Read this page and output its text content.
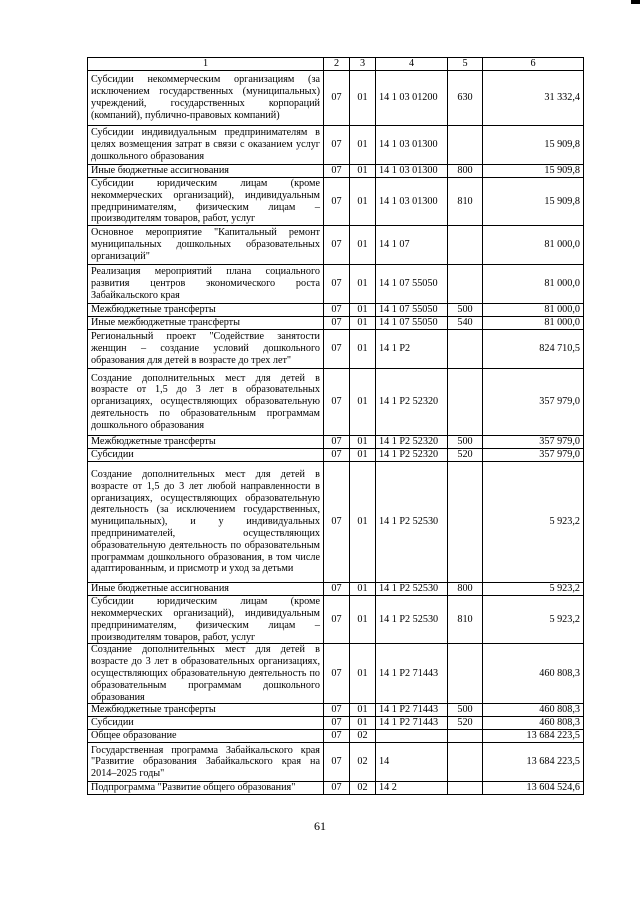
1	2	3	4	5	6
Субсидии некоммерческим организациям (за исключением государственных (муниципальных) учреждений, государственных корпораций (компаний), публично-правовых компаний)	07	01	14 1 03 01200	630	31 332,4
Субсидии индивидуальным предпринимателям в целях возмещения затрат в связи с оказанием услуг дошкольного образования	07	01	14 1 03 01300		15 909,8
Иные бюджетные ассигнования	07	01	14 1 03 01300	800	15 909,8
Субсидии юридическим лицам (кроме некоммерческих организаций), индивидуальным предпринимателям, физическим лицам – производителям товаров, работ, услуг	07	01	14 1 03 01300	810	15 909,8
Основное мероприятие "Капитальный ремонт муниципальных дошкольных образовательных организаций"	07	01	14 1 07		81 000,0
Реализация мероприятий плана социального развития центров экономического роста Забайкальского края	07	01	14 1 07 55050		81 000,0
Межбюджетные трансферты	07	01	14 1 07 55050	500	81 000,0
Иные межбюджетные трансферты	07	01	14 1 07 55050	540	81 000,0
Региональный проект "Содействие занятости женщин – создание условий дошкольного образования для детей в возрасте до трех лет"	07	01	14 1 P2		824 710,5
Создание дополнительных мест для детей в возрасте от 1,5 до 3 лет в образовательных организациях, осуществляющих образовательную деятельность по образовательным программам дошкольного образования	07	01	14 1 P2 52320		357 979,0
Межбюджетные трансферты	07	01	14 1 P2 52320	500	357 979,0
Субсидии	07	01	14 1 P2 52320	520	357 979,0
Создание дополнительных мест для детей в возрасте от 1,5 до 3 лет любой направленности в организациях, осуществляющих образовательную деятельность (за исключением государственных, муниципальных), и у индивидуальных предпринимателей, осуществляющих образовательную деятельность по образовательным программам дошкольного образования, в том числе адаптированным, и присмотр и уход за детьми	07	01	14 1 P2 52530		5 923,2
Иные бюджетные ассигнования	07	01	14 1 P2 52530	800	5 923,2
Субсидии юридическим лицам (кроме некоммерческих организаций), индивидуальным предпринимателям, физическим лицам – производителям товаров, работ, услуг	07	01	14 1 P2 52530	810	5 923,2
Создание дополнительных мест для детей в возрасте до 3 лет в образовательных организациях, осуществляющих образовательную деятельность по образовательным программам дошкольного образования	07	01	14 1 P2 71443		460 808,3
Межбюджетные трансферты	07	01	14 1 P2 71443	500	460 808,3
Субсидии	07	01	14 1 P2 71443	520	460 808,3
Общее образование	07	02			13 684 223,5
Государственная программа Забайкальского края "Развитие образования Забайкальского края на 2014–2025 годы"	07	02	14		13 684 223,5
Подпрограмма "Развитие общего образования"	07	02	14 2		13 604 524,6
61
